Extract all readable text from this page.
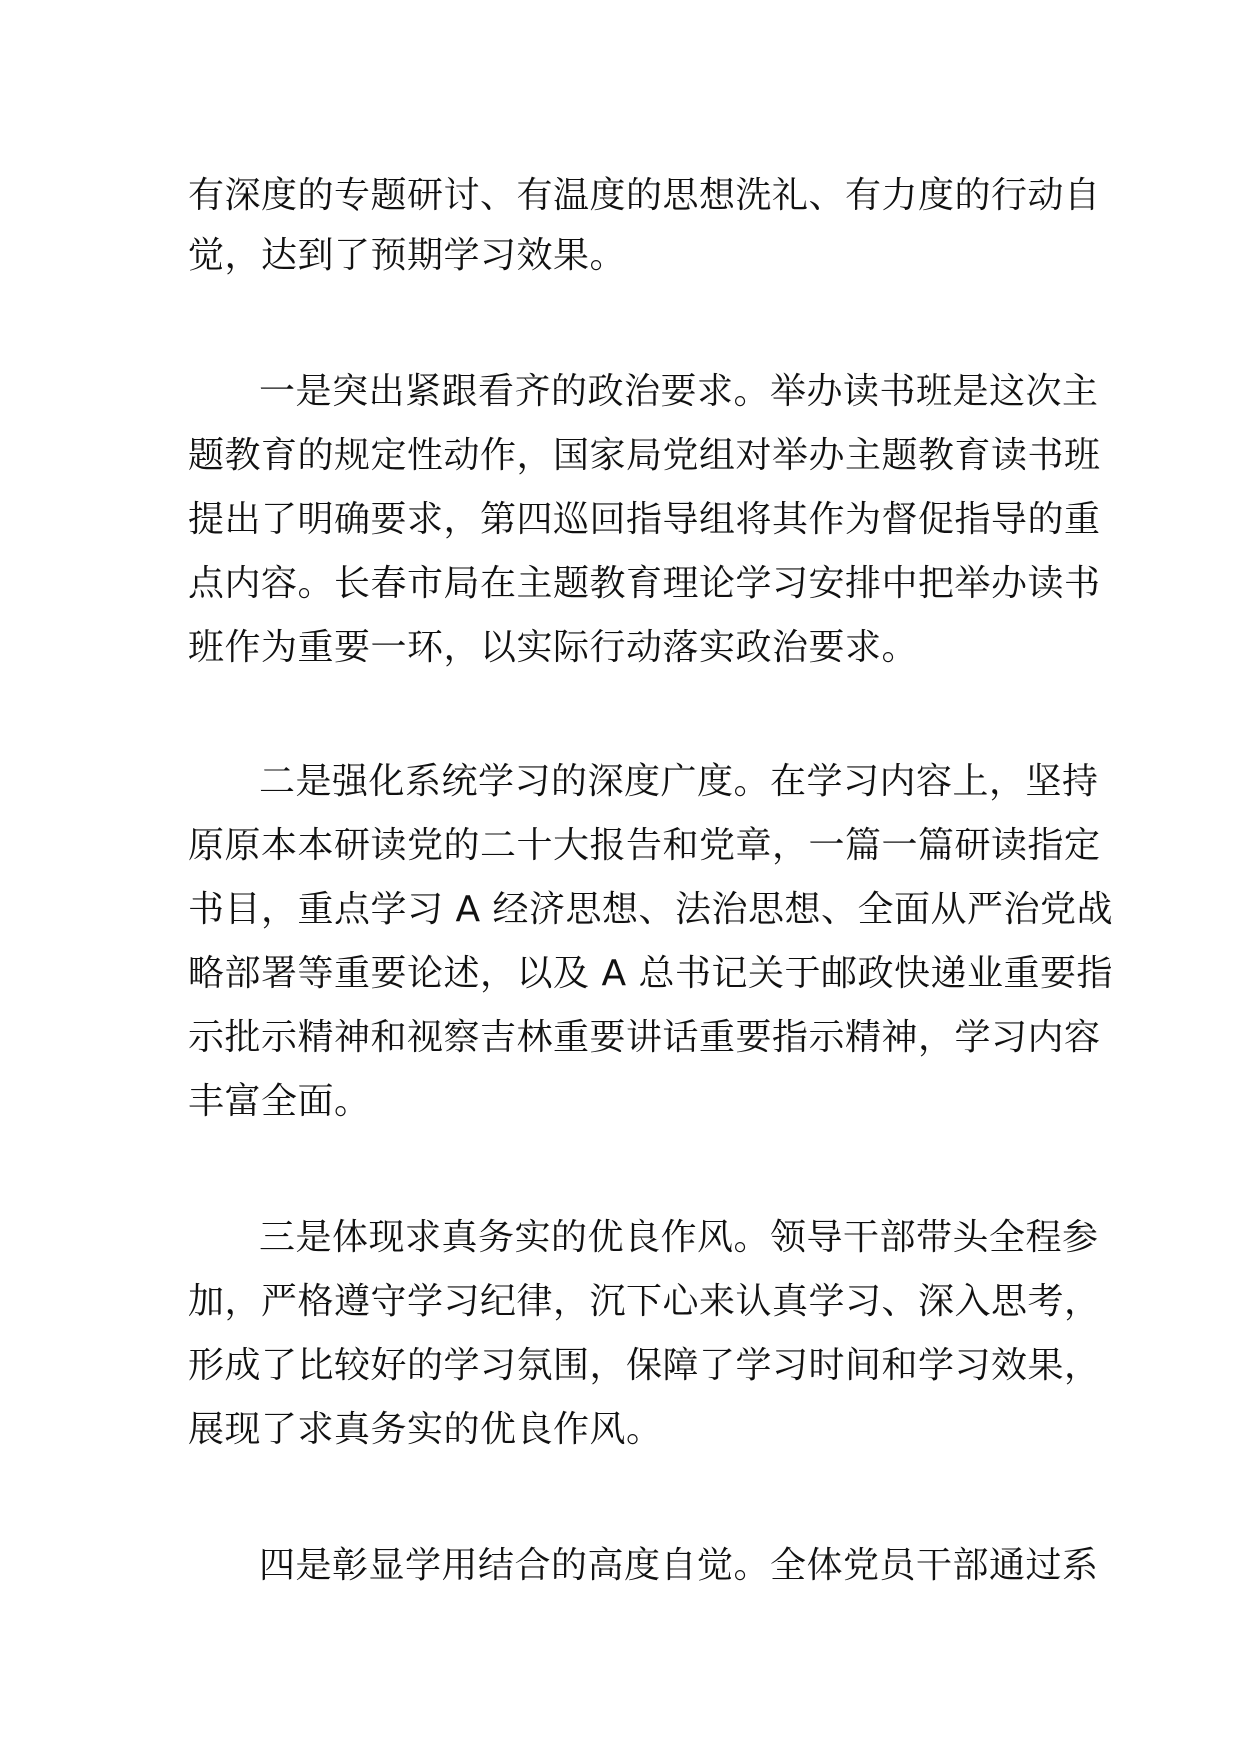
有深度的专题研讨、有温度的思想洗礼、有力度的行动自

觉，达到了预期学习效果。

一是突出紧跟看齐的政治要求。举办读书班是这次主

题教育的规定性动作，国家局党组对举办主题教育读书班

提出了明确要求，第四巡回指导组将其作为督促指导的重

点内容。长春市局在主题教育理论学习安排中把举办读书

班作为重要一环，以实际行动落实政治要求。

二是强化系统学习的深度广度。在学习内容上，坚持

原原本本研读党的二十大报告和党章，一篇一篇研读指定

书目，重点学习 A 经济思想、法治思想、全面从严治党战

略部署等重要论述，以及 A 总书记关于邮政快递业重要指

示批示精神和视察吉林重要讲话重要指示精神，学习内容

丰富全面。

三是体现求真务实的优良作风。领导干部带头全程参

加，严格遵守学习纪律，沉下心来认真学习、深入思考，

形成了比较好的学习氛围，保障了学习时间和学习效果，

展现了求真务实的优良作风。

四是彰显学用结合的高度自觉。全体党员干部通过系
